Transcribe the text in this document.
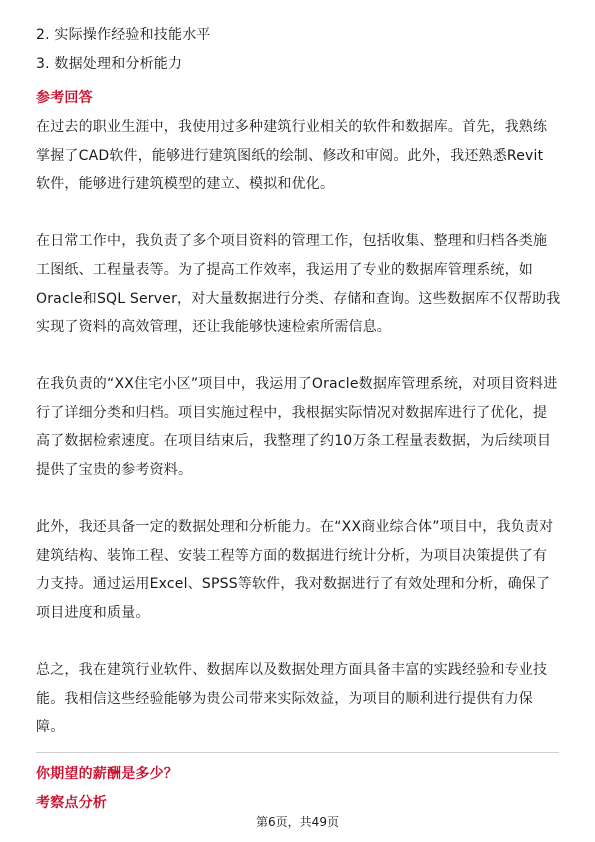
2. 实际操作经验和技能水平
3. 数据处理和分析能力
参考回答
在过去的职业生涯中，我使用过多种建筑行业相关的软件和数据库。首先，我熟练
掌握了CAD软件，能够进行建筑图纸的绘制、修改和审阅。此外，我还熟悉Revit
软件，能够进行建筑模型的建立、模拟和优化。
在日常工作中，我负责了多个项目资料的管理工作，包括收集、整理和归档各类施
工图纸、工程量表等。为了提高工作效率，我运用了专业的数据库管理系统，如
Oracle和SQL Server，对大量数据进行分类、存储和查询。这些数据库不仅帮助我
实现了资料的高效管理，还让我能够快速检索所需信息。
在我负责的“XX住宅小区”项目中，我运用了Oracle数据库管理系统，对项目资料进
行了详细分类和归档。项目实施过程中，我根据实际情况对数据库进行了优化，提
高了数据检索速度。在项目结束后，我整理了约10万条工程量表数据，为后续项目
提供了宝贵的参考资料。
此外，我还具备一定的数据处理和分析能力。在“XX商业综合体”项目中，我负责对
建筑结构、装饰工程、安装工程等方面的数据进行统计分析，为项目决策提供了有
力支持。通过运用Excel、SPSS等软件，我对数据进行了有效处理和分析，确保了
项目进度和质量。
总之，我在建筑行业软件、数据库以及数据处理方面具备丰富的实践经验和专业技
能。我相信这些经验能够为贵公司带来实际效益，为项目的顺利进行提供有力保
障。
你期望的薪酬是多少？
考察点分析
第6页，共49页
